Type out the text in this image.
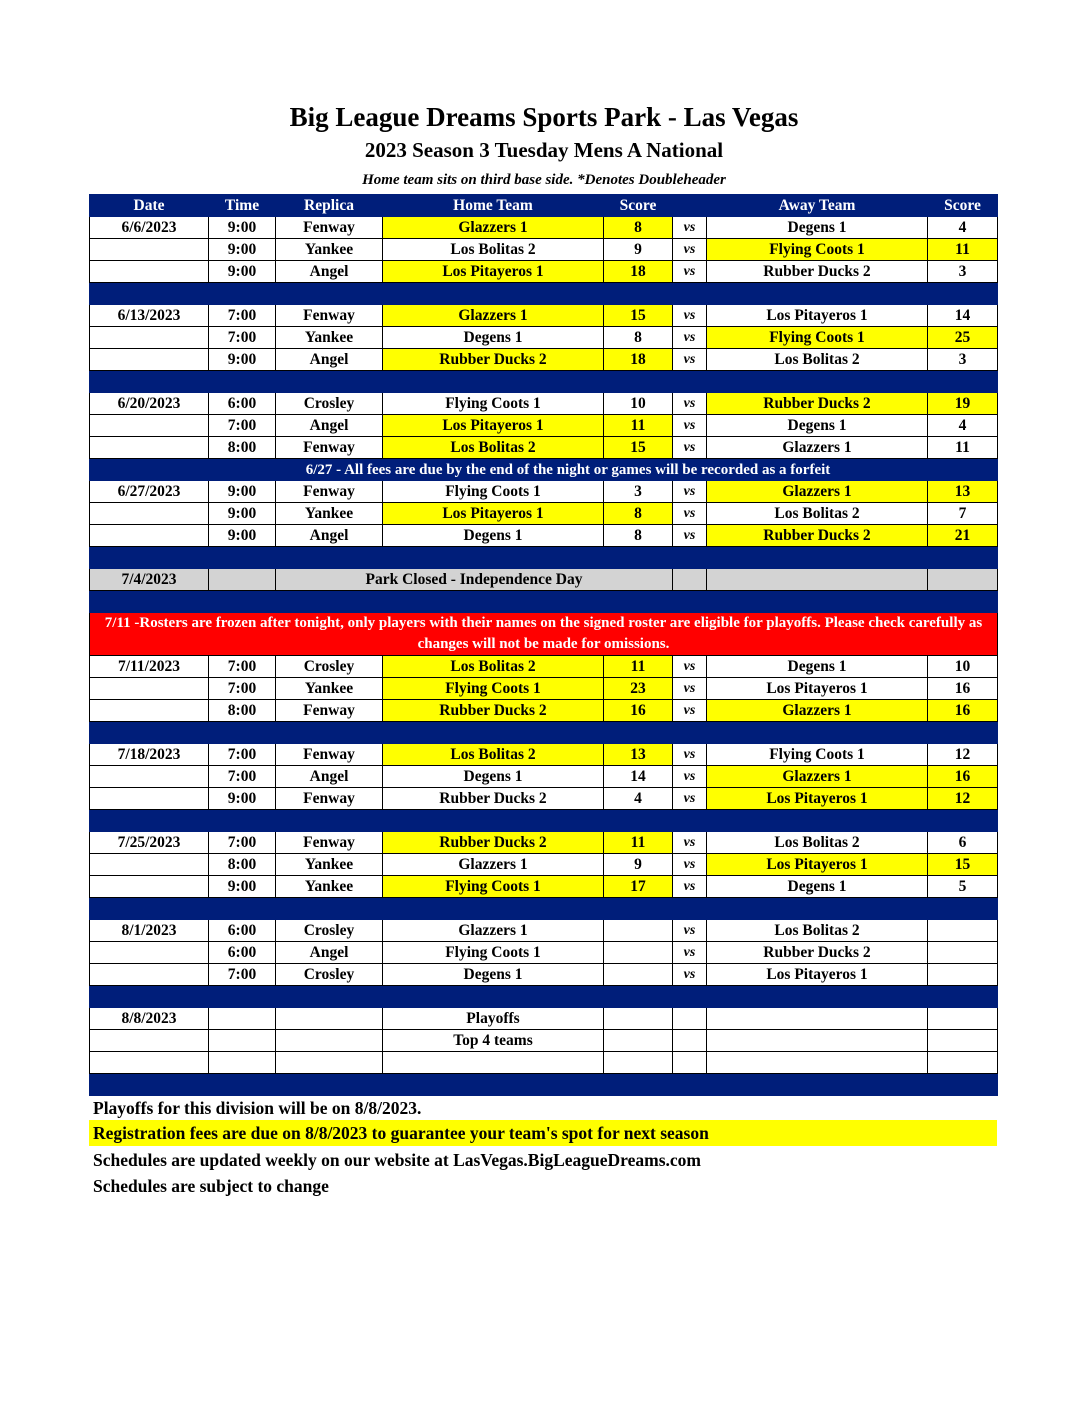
Big League Dreams Sports Park - Las Vegas
2023 Season 3 Tuesday Mens A National
Home team sits on third base side. *Denotes Doubleheader
Date	Time	Replica	Home Team	Score		Away Team	Score
6/6/2023	9:00	Fenway	Glazzers 1	8	vs	Degens 1	4
	9:00	Yankee	Los Bolitas 2	9	vs	Flying Coots 1	11
	9:00	Angel	Los Pitayeros 1	18	vs	Rubber Ducks 2	3

6/13/2023	7:00	Fenway	Glazzers 1	15	vs	Los Pitayeros 1	14
	7:00	Yankee	Degens 1	8	vs	Flying Coots 1	25
	9:00	Angel	Rubber Ducks 2	18	vs	Los Bolitas 2	3

6/20/2023	6:00	Crosley	Flying Coots 1	10	vs	Rubber Ducks 2	19
	7:00	Angel	Los Pitayeros 1	11	vs	Degens 1	4
	8:00	Fenway	Los Bolitas 2	15	vs	Glazzers 1	11
	6/27 - All fees are due by the end of the night or games will be recorded as a forfeit						
6/27/2023	9:00	Fenway	Flying Coots 1	3	vs	Glazzers 1	13
	9:00	Yankee	Los Pitayeros 1	8	vs	Los Bolitas 2	7
	9:00	Angel	Degens 1	8	vs	Rubber Ducks 2	21

7/4/2023		Park Closed - Independence Day					

7/11 -Rosters are frozen after tonight, only players with their names on the signed roster are eligible for playoffs. Please check carefully as changes will not be made for omissions.							
7/11/2023	7:00	Crosley	Los Bolitas 2	11	vs	Degens 1	10
	7:00	Yankee	Flying Coots 1	23	vs	Los Pitayeros 1	16
	8:00	Fenway	Rubber Ducks 2	16	vs	Glazzers 1	16

7/18/2023	7:00	Fenway	Los Bolitas 2	13	vs	Flying Coots 1	12
	7:00	Angel	Degens 1	14	vs	Glazzers 1	16
	9:00	Fenway	Rubber Ducks 2	4	vs	Los Pitayeros 1	12

7/25/2023	7:00	Fenway	Rubber Ducks 2	11	vs	Los Bolitas 2	6
	8:00	Yankee	Glazzers 1	9	vs	Los Pitayeros 1	15
	9:00	Yankee	Flying Coots 1	17	vs	Degens 1	5

8/1/2023	6:00	Crosley	Glazzers 1		vs	Los Bolitas 2	
	6:00	Angel	Flying Coots 1		vs	Rubber Ducks 2	
	7:00	Crosley	Degens 1		vs	Los Pitayeros 1	

8/8/2023			Playoffs				
			Top 4 teams				

Playoffs for this division will be on 8/8/2023.
Registration fees are due on 8/8/2023 to guarantee your team's spot for next season
Schedules are updated weekly on our website at LasVegas.BigLeagueDreams.com
Schedules are subject to change
